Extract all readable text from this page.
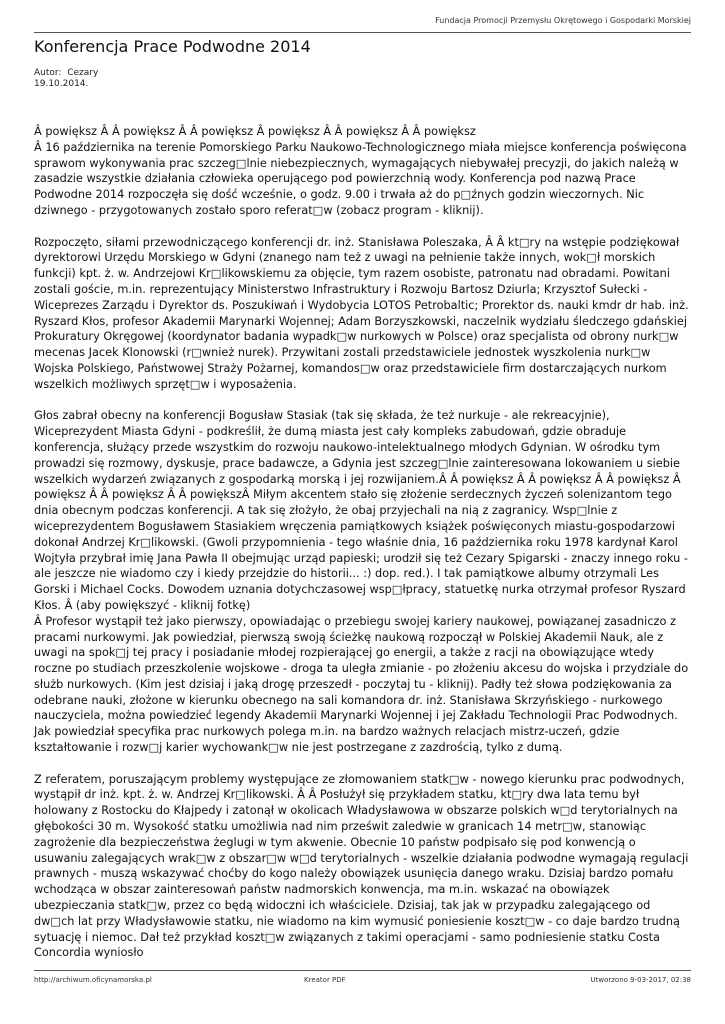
Fundacja Promocji Przemysłu Okrętowego i Gospodarki Morskiej
Konferencja Prace Podwodne 2014
Autor:  Cezary
19.10.2014.

Â powiększ Â Â powiększ Â Â powiększ Â powiększ Â Â powiększ Â Â powiększ
Â 16 października na terenie Pomorskiego Parku Naukowo-Technologicznego miała miejsce konferencja poświęcona sprawom wykonywania prac szczeg□lnie niebezpiecznych, wymagających niebywałej precyzji, do jakich należą w zasadzie wszystkie działania człowieka operującego pod powierzchnią wody. Konferencja pod nazwą Prace Podwodne 2014 rozpoczęła się dość wcześnie, o godz. 9.00 i trwała aż do p□źnych godzin wieczornych. Nic dziwnego - przygotowanych zostało sporo referat□w (zobacz program - kliknij).

Rozpoczęto, siłami przewodniczącego konferencji dr. inż. Stanisława Poleszaka, Â Â kt□ry na wstępie podziękował dyrektorowi Urzędu Morskiego w Gdyni (znanego nam też z uwagi na pełnienie także innych, wok□ł morskich funkcji) kpt. ż. w. Andrzejowi Kr□likowskiemu za objęcie, tym razem osobiste, patronatu nad obradami. Powitani zostali goście, m.in. reprezentujący Ministerstwo Infrastruktury i Rozwoju Bartosz Dziurla; Krzysztof Sułecki - Wiceprezes Zarządu i Dyrektor ds. Poszukiwań i Wydobycia LOTOS Petrobaltic; Prorektor ds. nauki kmdr dr hab. inż. Ryszard Kłos, profesor Akademii Marynarki Wojennej; Adam Borzyszkowski, naczelnik wydziału śledczego gdańskiej Prokuratury Okręgowej (koordynator badania wypadk□w nurkowych w Polsce) oraz specjalista od obrony nurk□w mecenas Jacek Klonowski (r□wnież nurek). Przywitani zostali przedstawiciele jednostek wyszkolenia nurk□w Wojska Polskiego, Państwowej Straży Pożarnej, komandos□w oraz przedstawiciele firm dostarczających nurkom wszelkich możliwych sprzęt□w i wyposażenia.

Głos zabrał obecny na konferencji Bogusław Stasiak (tak się składa, że też nurkuje - ale rekreacyjnie), Wiceprezydent Miasta Gdyni - podkreślił, że dumą miasta jest cały kompleks zabudowań, gdzie obraduje konferencja, służący przede wszystkim do rozwoju naukowo-intelektualnego młodych Gdynian. W ośrodku tym prowadzi się rozmowy, dyskusje, prace badawcze, a Gdynia jest szczeg□lnie zainteresowana lokowaniem u siebie wszelkich wydarzeń związanych z gospodarką morską i jej rozwijaniem.Â Â powiększ Â Â powiększ Â Â powiększ Â powiększ Â Â powiększ Â Â powiększÂ Miłym akcentem stało się złożenie serdecznych życzeń solenizantom tego dnia obecnym podczas konferencji. A tak się złożyło, że obaj przyjechali na nią z zagranicy. Wsp□lnie z wiceprezydentem Bogusławem Stasiakiem wręczenia pamiątkowych książek poświęconych miastu-gospodarzowi dokonał Andrzej Kr□likowski. (Gwoli przypomnienia - tego właśnie dnia, 16 października roku 1978 kardynał Karol Wojtyła przybrał imię Jana Pawła II obejmując urząd papieski; urodził się też Cezary Spigarski - znaczy innego roku - ale jeszcze nie wiadomo czy i kiedy przejdzie do historii... :) dop. red.). I tak pamiątkowe albumy otrzymali Les Gorski i Michael Cocks. Dowodem uznania dotychczasowej wsp□łpracy, statuetkę nurka otrzymał profesor Ryszard Kłos. Â (aby powiększyć - kliknij fotkę)
Â Profesor wystąpił też jako pierwszy, opowiadając o przebiegu swojej kariery naukowej, powiązanej zasadniczo z pracami nurkowymi. Jak powiedział, pierwszą swoją ścieżkę naukową rozpoczął w Polskiej Akademii Nauk, ale z uwagi na spok□j tej pracy i posiadanie młodej rozpierającej go energii, a także z racji na obowiązujące wtedy roczne po studiach przeszkolenie wojskowe - droga ta uległa zmianie - po złożeniu akcesu do wojska i przydziale do służb nurkowych. (Kim jest dzisiaj i jaką drogę przeszedł - poczytaj tu - kliknij). Padły też słowa podziękowania za odebrane nauki, złożone w kierunku obecnego na sali komandora dr. inż. Stanisława Skrzyńskiego - nurkowego nauczyciela, można powiedzieć legendy Akademii Marynarki Wojennej i jej Zakładu Technologii Prac Podwodnych. Jak powiedział specyfika prac nurkowych polega m.in. na bardzo ważnych relacjach mistrz-uczeń, gdzie kształtowanie i rozw□j karier wychowank□w nie jest postrzegane z zazdrością, tylko z dumą.

Z referatem, poruszającym problemy występujące ze złomowaniem statk□w - nowego kierunku prac podwodnych, wystąpił dr inż. kpt. ż. w. Andrzej Kr□likowski. Â Â Posłużył się przykładem statku, kt□ry dwa lata temu był holowany z Rostocku do Kłajpedy i zatonął w okolicach Władysławowa w obszarze polskich w□d terytorialnych na głębokości 30 m. Wysokość statku umożliwia nad nim prześwit zaledwie w granicach 14 metr□w, stanowiąc zagrożenie dla bezpieczeństwa żeglugi w tym akwenie. Obecnie 10 państw podpisało się pod konwencją o usuwaniu zalegających wrak□w z obszar□w w□d terytorialnych - wszelkie działania podwodne wymagają regulacji prawnych - muszą wskazywać choćby do kogo należy obowiązek usunięcia danego wraku. Dzisiaj bardzo pomału wchodząca w obszar zainteresowań państw nadmorskich konwencja, ma m.in. wskazać na obowiązek ubezpieczania statk□w, przez co będą widoczni ich właściciele. Dzisiaj, tak jak w przypadku zalegającego od dw□ch lat przy Władysławowie statku, nie wiadomo na kim wymusić poniesienie koszt□w - co daje bardzo trudną sytuację i niemoc. Dał też przykład koszt□w związanych z takimi operacjami - samo podniesienie statku Costa Concordia wyniosło

http://archiwum.oficynamorska.pl	Kreator PDF	Utworzono 9-03-2017, 02:38
